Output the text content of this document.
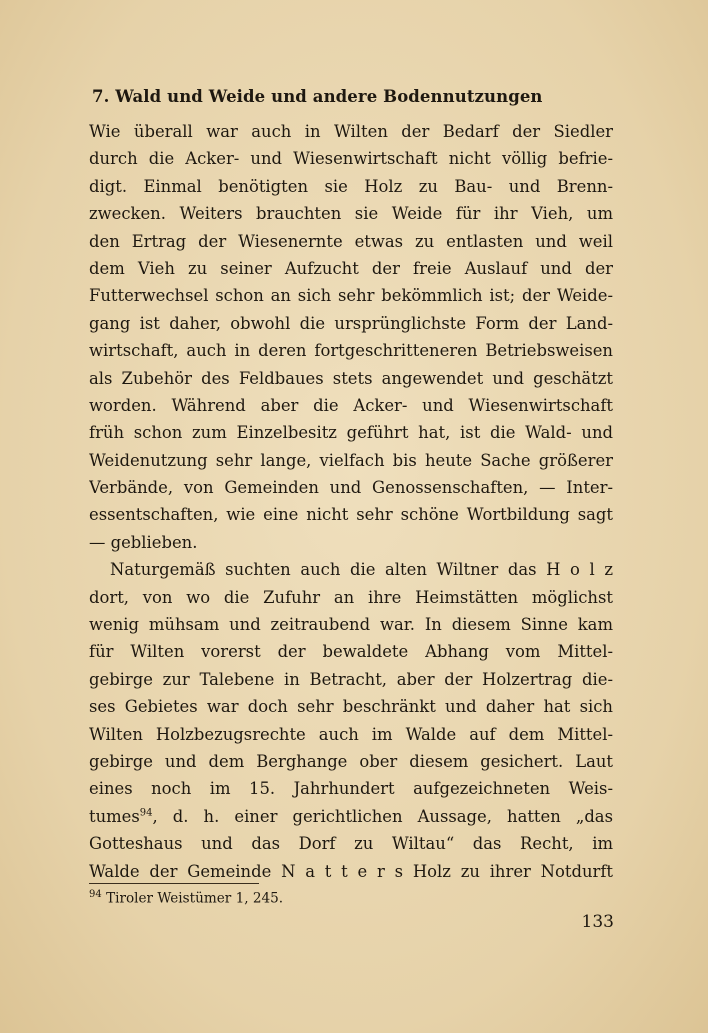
7. Wald und Weide und andere Bodennutzungen
Wie überall war auch in Wilten der Bedarf der Siedler
durch die Acker- und Wiesenwirtschaft nicht völlig befrie-
digt. Einmal benötigten sie Holz zu Bau- und Brenn-
zwecken. Weiters brauchten sie Weide für ihr Vieh, um
den Ertrag der Wiesenernte etwas zu entlasten und weil
dem Vieh zu seiner Aufzucht der freie Auslauf und der
Futterwechsel schon an sich sehr bekömmlich ist; der Weide-
gang ist daher, obwohl die ursprünglichste Form der Land-
wirtschaft, auch in deren fortgeschritteneren Betriebsweisen
als Zubehör des Feldbaues stets angewendet und geschätzt
worden. Während aber die Acker- und Wiesenwirtschaft
früh schon zum Einzelbesitz geführt hat, ist die Wald- und
Weidenutzung sehr lange, vielfach bis heute Sache größerer
Verbände, von Gemeinden und Genossenschaften, — Inter-
essentschaften, wie eine nicht sehr schöne Wortbildung sagt
— geblieben.
Naturgemäß suchten auch die alten Wiltner das H o l z
dort, von wo die Zufuhr an ihre Heimstätten möglichst
wenig mühsam und zeitraubend war. In diesem Sinne kam
für Wilten vorerst der bewaldete Abhang vom Mittel-
gebirge zur Talebene in Betracht, aber der Holzertrag die-
ses Gebietes war doch sehr beschränkt und daher hat sich
Wilten Holzbezugsrechte auch im Walde auf dem Mittel-
gebirge und dem Berghange ober diesem gesichert. Laut
eines noch im 15. Jahrhundert aufgezeichneten Weis-
tumes$^{94}$, d. h. einer gerichtlichen Aussage, hatten „das
Gotteshaus und das Dorf zu Wiltau“ das Recht, im
Walde der Gemeinde N a t t e r s Holz zu ihrer Notdurft
$^{94}$ Tiroler Weistümer 1, 245.
133
